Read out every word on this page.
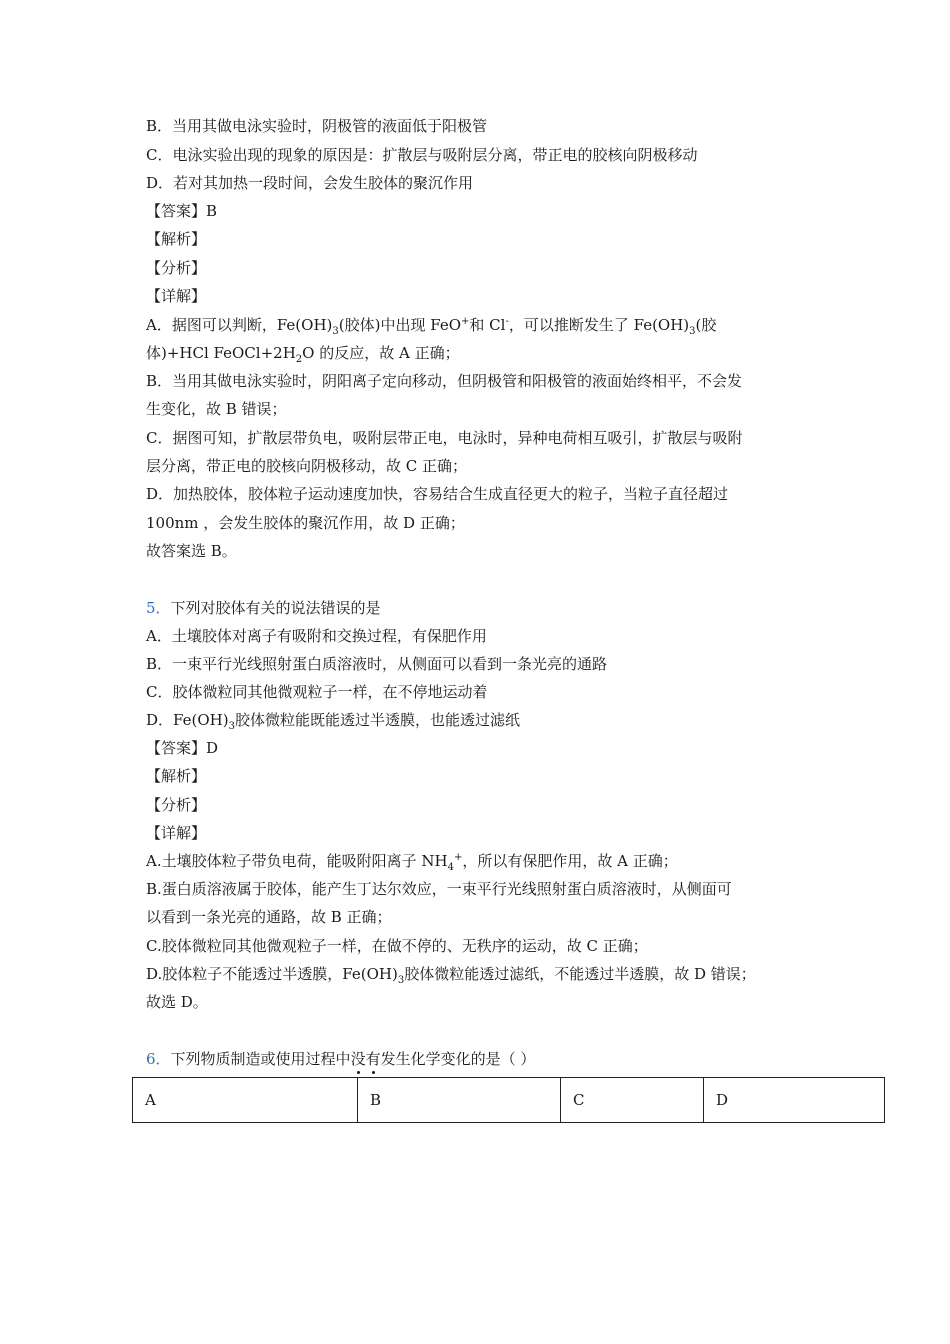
B．当用其做电泳实验时，阴极管的液面低于阳极管
C．电泳实验出现的现象的原因是：扩散层与吸附层分离，带正电的胶核向阴极移动
D．若对其加热一段时间，会发生胶体的聚沉作用
【答案】B
【解析】
【分析】
【详解】
A．据图可以判断，$Fe(OH)_3$(胶体)中出现 FeO+和 Cl-，可以推断发生了 $Fe(OH)_3$(胶
体)+HCl $FeOCl+2H_2O$ 的反应，故 A 正确；
B．当用其做电泳实验时，阴阳离子定向移动，但阴极管和阳极管的液面始终相平，不会发
生变化，故 B 错误；
C．据图可知，扩散层带负电，吸附层带正电，电泳时，异种电荷相互吸引，扩散层与吸附
层分离，带正电的胶核向阴极移动，故 C 正确；
D．加热胶体，胶体粒子运动速度加快，容易结合生成直径更大的粒子，当粒子直径超过
100nm ，会发生胶体的聚沉作用，故 D 正确；
故答案选 B。
5．下列对胶体有关的说法错误的是
A．土壤胶体对离子有吸附和交换过程，有保肥作用
B．一束平行光线照射蛋白质溶液时，从侧面可以看到一条光亮的通路
C．胶体微粒同其他微观粒子一样，在不停地运动着
D．$Fe(OH)_3$胶体微粒能既能透过半透膜，也能透过滤纸
【答案】D
【解析】
【分析】
【详解】
A.土壤胶体粒子带负电荷，能吸附阳离子 $NH_4^+$，所以有保肥作用，故 A 正确；
B.蛋白质溶液属于胶体，能产生丁达尔效应，一束平行光线照射蛋白质溶液时，从侧面可
以看到一条光亮的通路，故 B 正确；
C.胶体微粒同其他微观粒子一样，在做不停的、无秩序的运动，故 C 正确；
D.胶体粒子不能透过半透膜，$Fe(OH)_3$胶体微粒能透过滤纸，不能透过半透膜，故 D 错误；
故选 D。
6．下列物质制造或使用过程中没有发生化学变化的是（ ）
A	B	C	D
